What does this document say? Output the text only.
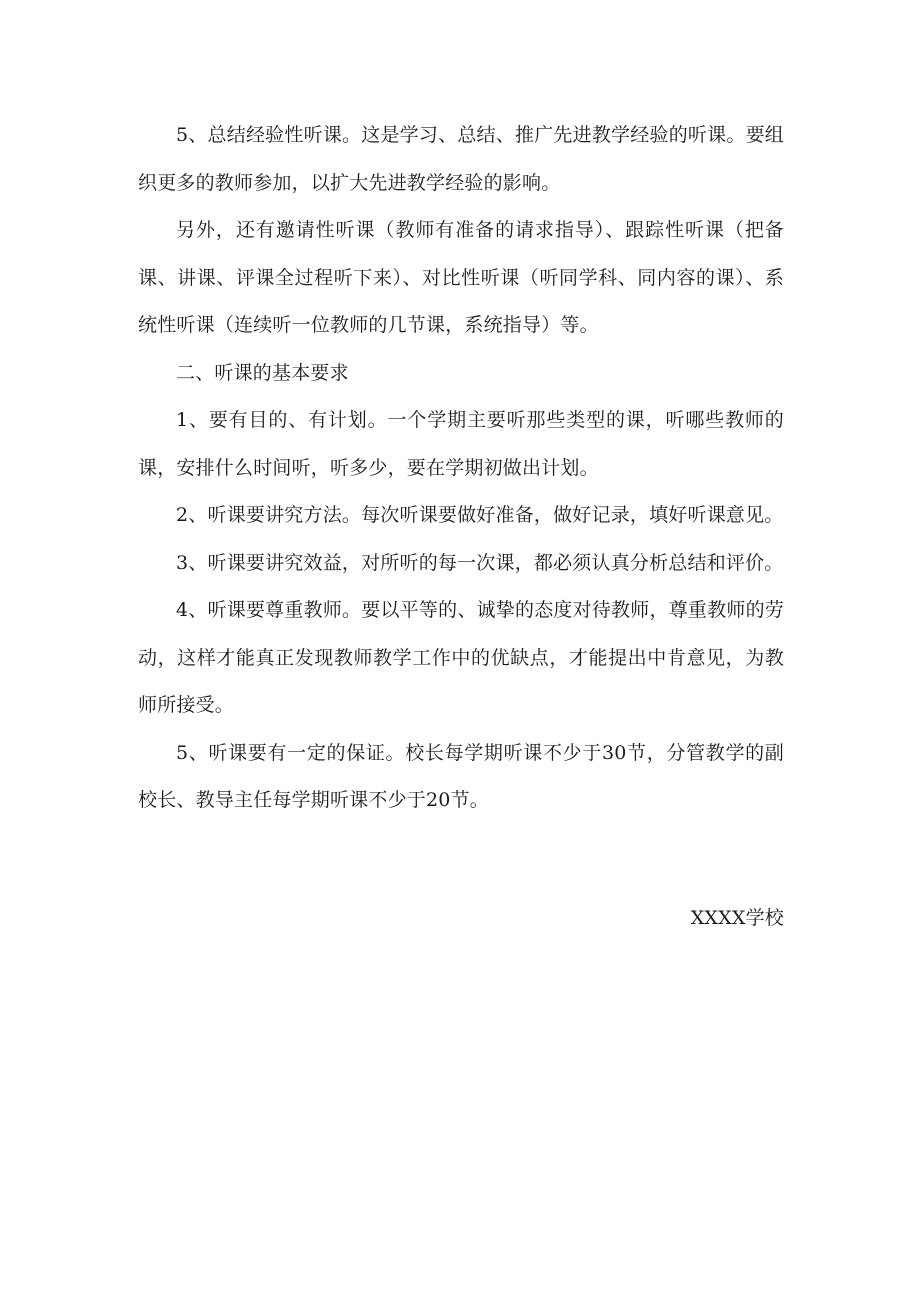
5、总结经验性听课。这是学习、总结、推广先进教学经验的听课。要组织更多的教师参加，以扩大先进教学经验的影响。

另外，还有邀请性听课（教师有准备的请求指导）、跟踪性听课（把备课、讲课、评课全过程听下来）、对比性听课（听同学科、同内容的课）、系统性听课（连续听一位教师的几节课，系统指导）等。

二、听课的基本要求

1、要有目的、有计划。一个学期主要听那些类型的课，听哪些教师的课，安排什么时间听，听多少，要在学期初做出计划。

2、听课要讲究方法。每次听课要做好准备，做好记录，填好听课意见。

3、听课要讲究效益，对所听的每一次课，都必须认真分析总结和评价。

4、听课要尊重教师。要以平等的、诚挚的态度对待教师，尊重教师的劳动，这样才能真正发现教师教学工作中的优缺点，才能提出中肯意见，为教师所接受。

5、听课要有一定的保证。校长每学期听课不少于30节，分管教学的副校长、教导主任每学期听课不少于20节。

XXXX学校
